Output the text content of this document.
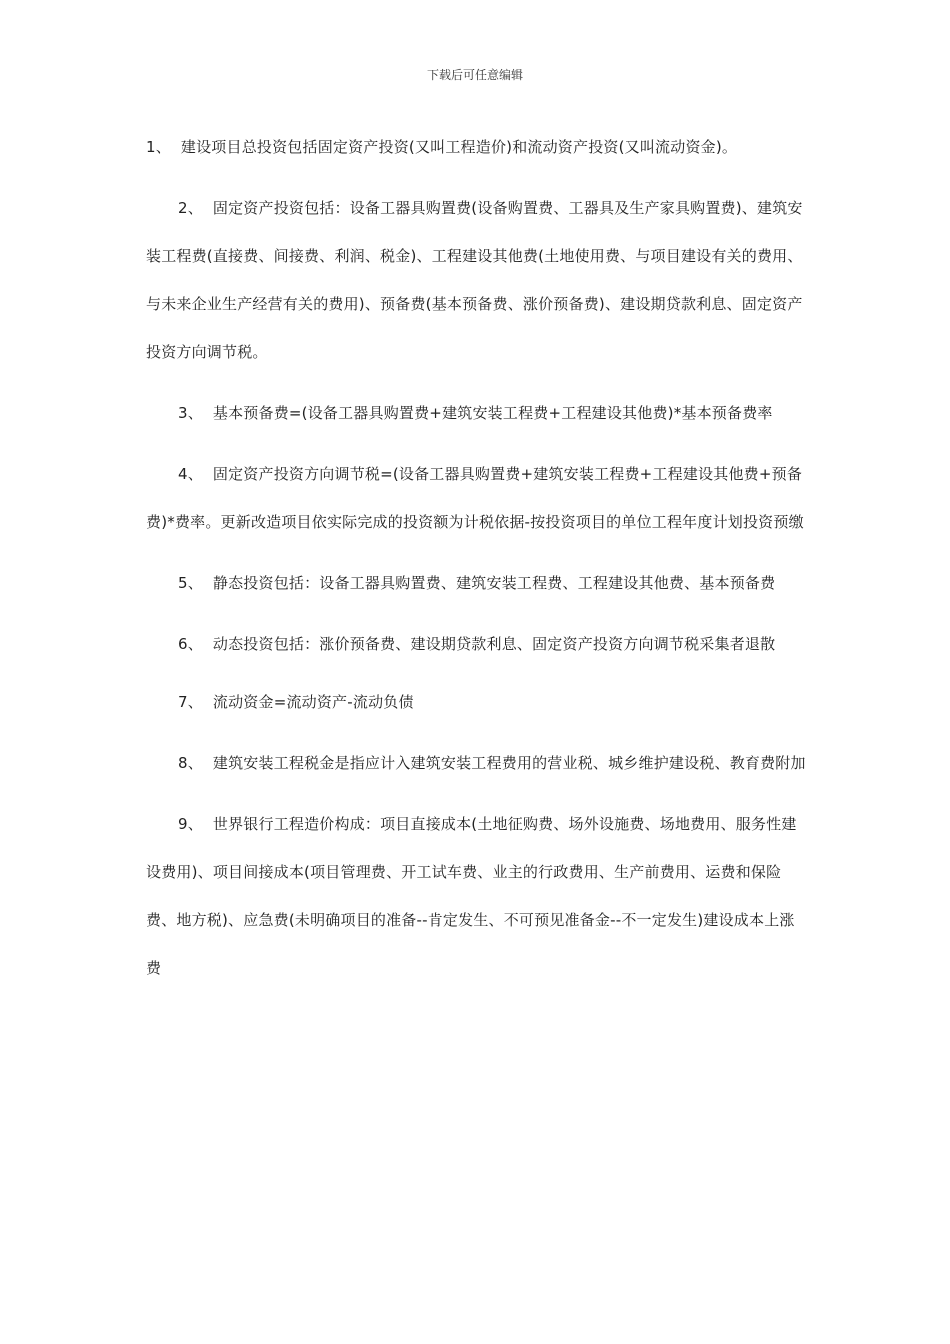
下载后可任意编辑

1、 建设项目总投资包括固定资产投资(又叫工程造价)和流动资产投资(又叫流动资金)。

2、 固定资产投资包括：设备工器具购置费(设备购置费、工器具及生产家具购置费)、建筑安装工程费(直接费、间接费、利润、税金)、工程建设其他费(土地使用费、与项目建设有关的费用、与未来企业生产经营有关的费用)、预备费(基本预备费、涨价预备费)、建设期贷款利息、固定资产投资方向调节税。

3、 基本预备费=(设备工器具购置费+建筑安装工程费+工程建设其他费)*基本预备费率

4、 固定资产投资方向调节税=(设备工器具购置费+建筑安装工程费+工程建设其他费+预备费)*费率。更新改造项目依实际完成的投资额为计税依据-按投资项目的单位工程年度计划投资预缴

5、 静态投资包括：设备工器具购置费、建筑安装工程费、工程建设其他费、基本预备费

6、 动态投资包括：涨价预备费、建设期贷款利息、固定资产投资方向调节税采集者退散

7、 流动资金=流动资产-流动负债

8、 建筑安装工程税金是指应计入建筑安装工程费用的营业税、城乡维护建设税、教育费附加

9、 世界银行工程造价构成：项目直接成本(土地征购费、场外设施费、场地费用、服务性建设费用)、项目间接成本(项目管理费、开工试车费、业主的行政费用、生产前费用、运费和保险费、地方税)、应急费(未明确项目的准备--肯定发生、不可预见准备金--不一定发生)建设成本上涨费
